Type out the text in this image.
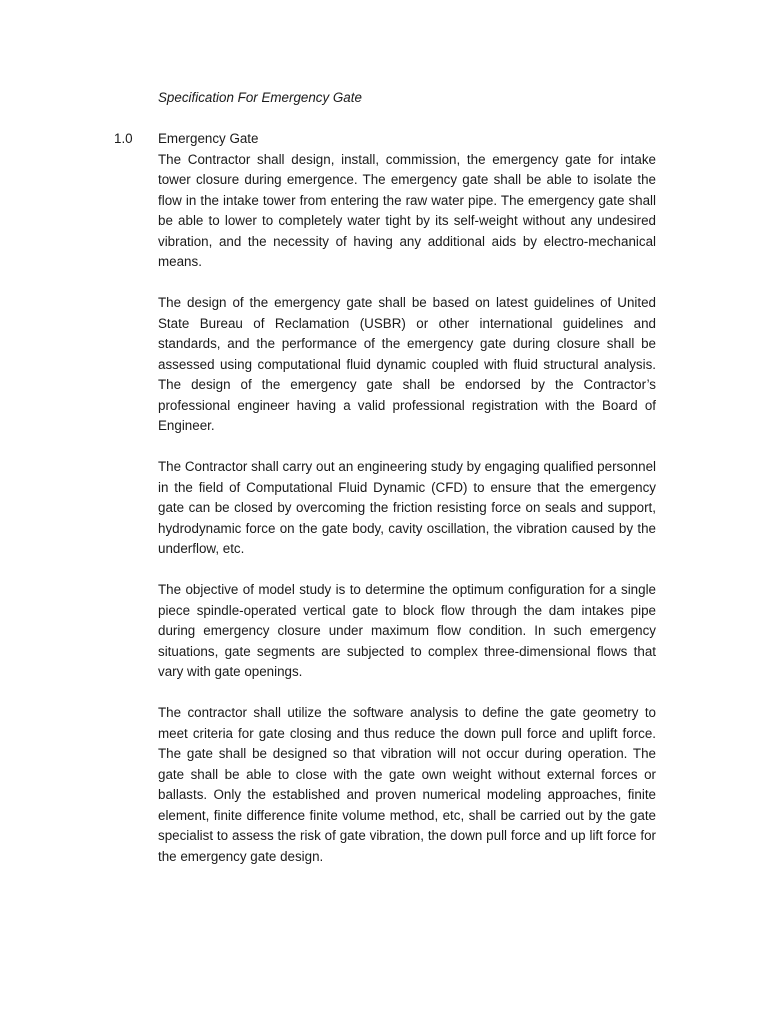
Specification For Emergency Gate
1.0 Emergency Gate

The Contractor shall design, install, commission, the emergency gate for intake tower closure during emergence. The emergency gate shall be able to isolate the flow in the intake tower from entering the raw water pipe. The emergency gate shall be able to lower to completely water tight by its self-weight without any undesired vibration, and the necessity of having any additional aids by electro-mechanical means.

The design of the emergency gate shall be based on latest guidelines of United State Bureau of Reclamation (USBR) or other international guidelines and standards, and the performance of the emergency gate during closure shall be assessed using computational fluid dynamic coupled with fluid structural analysis. The design of the emergency gate shall be endorsed by the Contractor’s professional engineer having a valid professional registration with the Board of Engineer.

The Contractor shall carry out an engineering study by engaging qualified personnel in the field of Computational Fluid Dynamic (CFD) to ensure that the emergency gate can be closed by overcoming the friction resisting force on seals and support, hydrodynamic force on the gate body, cavity oscillation, the vibration caused by the underflow, etc.

The objective of model study is to determine the optimum configuration for a single piece spindle-operated vertical gate to block flow through the dam intakes pipe during emergency closure under maximum flow condition. In such emergency situations, gate segments are subjected to complex three-dimensional flows that vary with gate openings.

The contractor shall utilize the software analysis to define the gate geometry to meet criteria for gate closing and thus reduce the down pull force and uplift force. The gate shall be designed so that vibration will not occur during operation. The gate shall be able to close with the gate own weight without external forces or ballasts. Only the established and proven numerical modeling approaches, finite element, finite difference finite volume method, etc, shall be carried out by the gate specialist to assess the risk of gate vibration, the down pull force and up lift force for the emergency gate design.
